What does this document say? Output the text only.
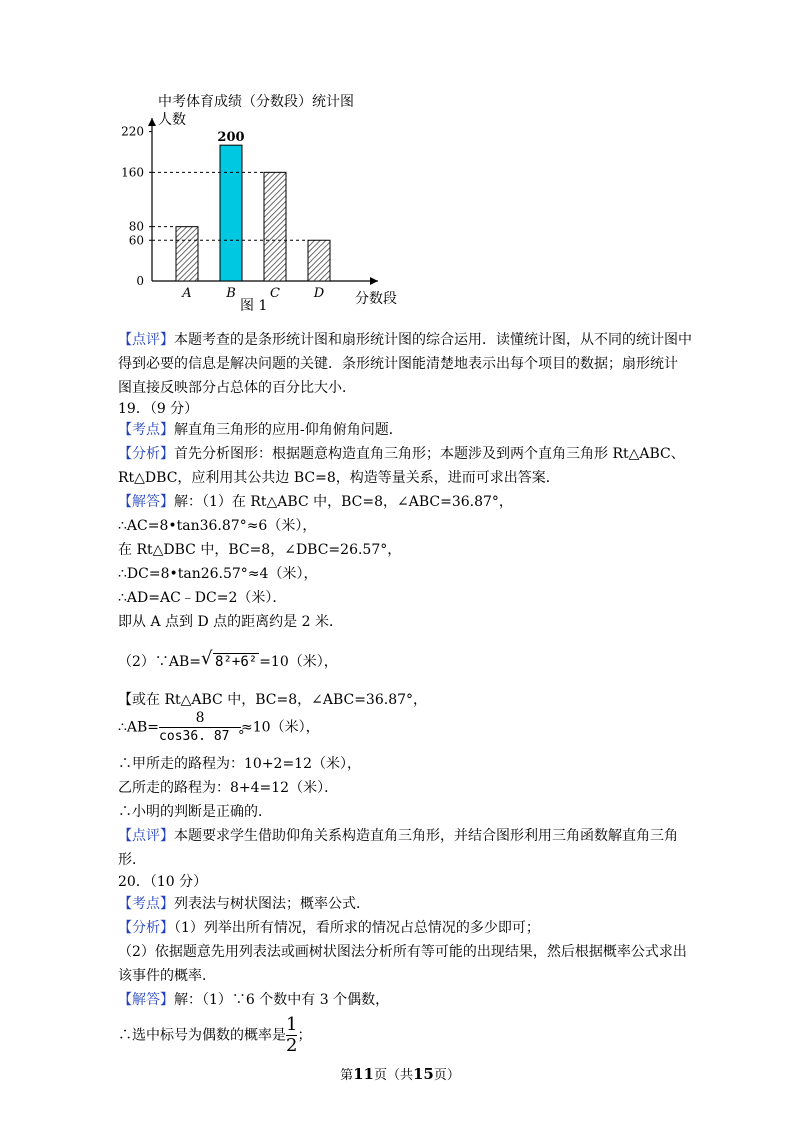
中考体育成绩（分数段）统计图
人数
分数段
0
60
80
160
220
A	B
200
C	D
图 1
【点评】本题考查的是条形统计图和扇形统计图的综合运用．读懂统计图，从不同的统计图中
得到必要的信息是解决问题的关键．条形统计图能清楚地表示出每个项目的数据；扇形统计
图直接反映部分占总体的百分比大小．
19．（9 分）
【考点】解直角三角形的应用-仰角俯角问题．
【分析】首先分析图形：根据题意构造直角三角形；本题涉及到两个直角三角形 Rt△ABC、
Rt△DBC，应利用其公共边 BC=8，构造等量关系，进而可求出答案．
【解答】解：（1）在 Rt△ABC 中，BC=8，∠ABC=36.87°，
∴AC=8•tan36.87°≈6（米），
在 Rt△DBC 中，BC=8，∠DBC=26.57°，
∴DC=8•tan26.57°≈4（米），
∴AD=AC﹣DC=2（米）．
即从 A 点到 D 点的距离约是 2 米．
（2）∵AB= √ 8²+6² =10（米），
【或在 Rt△ABC 中，BC=8，∠ABC=36.87°，
∴AB= $\frac{8}{\cos 36. 87 ^\circ} \approx 10$（米），
∴甲所走的路程为：10+2=12（米），
乙所走的路程为：8+4=12（米）．
∴小明的判断是正确的．
【点评】本题要求学生借助仰角关系构造直角三角形，并结合图形利用三角函数解直角三角
形．
20．（10 分）
【考点】列表法与树状图法；概率公式．
【分析】（1）列举出所有情况，看所求的情况占总情况的多少即可；
（2）依据题意先用列表法或画树状图法分析所有等可能的出现结果，然后根据概率公式求出
该事件的概率．
【解答】解：（1）∵6 个数中有 3 个偶数，
∴选中标号为偶数的概率是 $\frac{1}{2}$ ；
第11页（共15页）
